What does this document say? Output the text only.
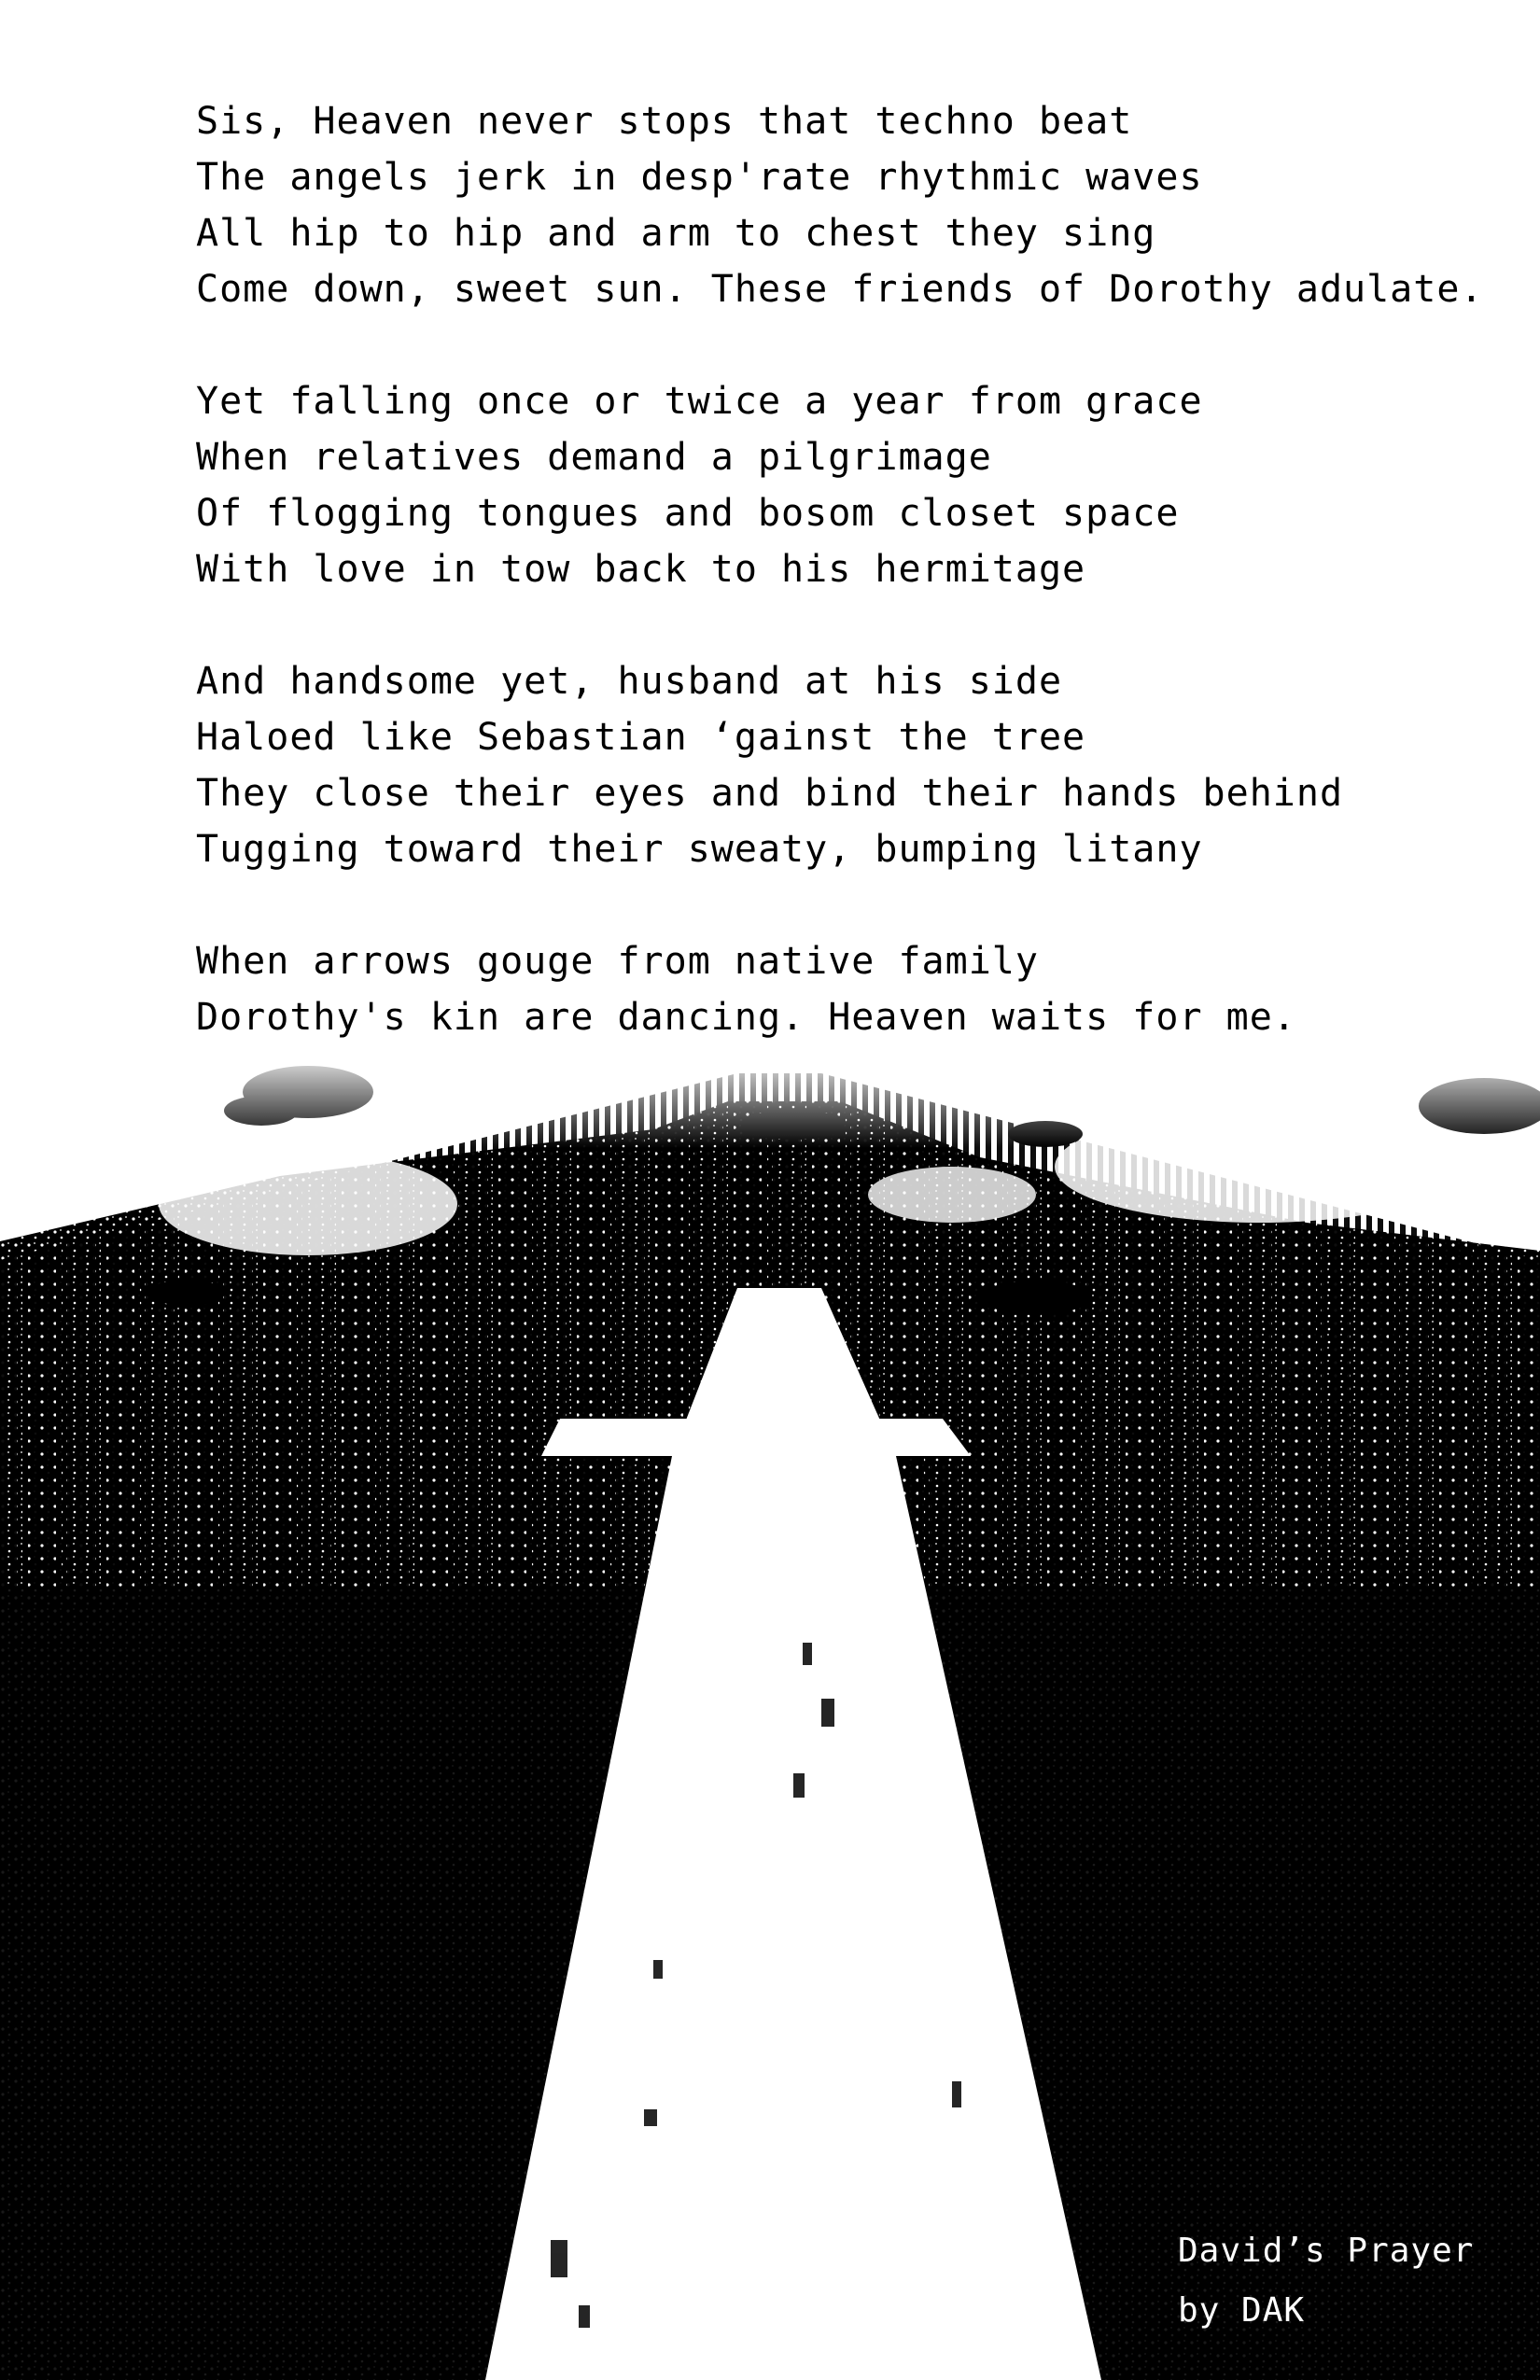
Sis, Heaven never stops that techno beat
The angels jerk in desp'rate rhythmic waves
All hip to hip and arm to chest they sing
Come down, sweet sun. These friends of Dorothy adulate.
Yet falling once or twice a year from grace
When relatives demand a pilgrimage
Of flogging tongues and bosom closet space
With love in tow back to his hermitage
And handsome yet, husband at his side
Haloed like Sebastian ‘gainst the tree
They close their eyes and bind their hands behind
Tugging toward their sweaty, bumping litany
When arrows gouge from native family
Dorothy's kin are dancing. Heaven waits for me.
David’s Prayer
by DAK
